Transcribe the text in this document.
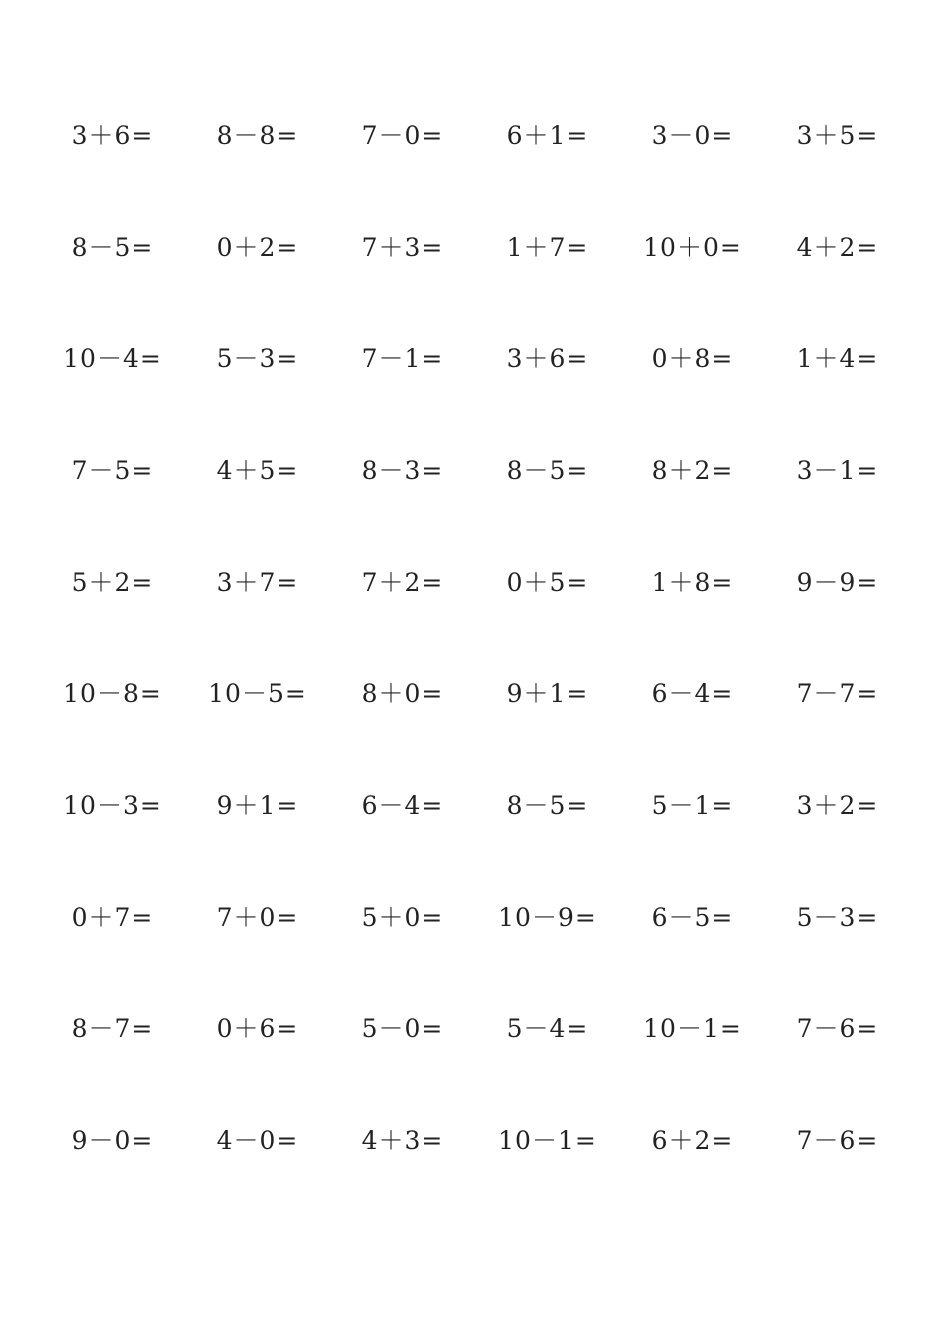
3＋6=	8－8=	7－0=	6＋1=	3－0=	3＋5=
8－5=	0＋2=	7＋3=	1＋7=	10＋0=	4＋2=
10－4=	5－3=	7－1=	3＋6=	0＋8=	1＋4=
7－5=	4＋5=	8－3=	8－5=	8＋2=	3－1=
5＋2=	3＋7=	7＋2=	0＋5=	1＋8=	9－9=
10－8=	10－5=	8＋0=	9＋1=	6－4=	7－7=
10－3=	9＋1=	6－4=	8－5=	5－1=	3＋2=
0＋7=	7＋0=	5＋0=	10－9=	6－5=	5－3=
8－7=	0＋6=	5－0=	5－4=	10－1=	7－6=
9－0=	4－0=	4＋3=	10－1=	6＋2=	7－6=
